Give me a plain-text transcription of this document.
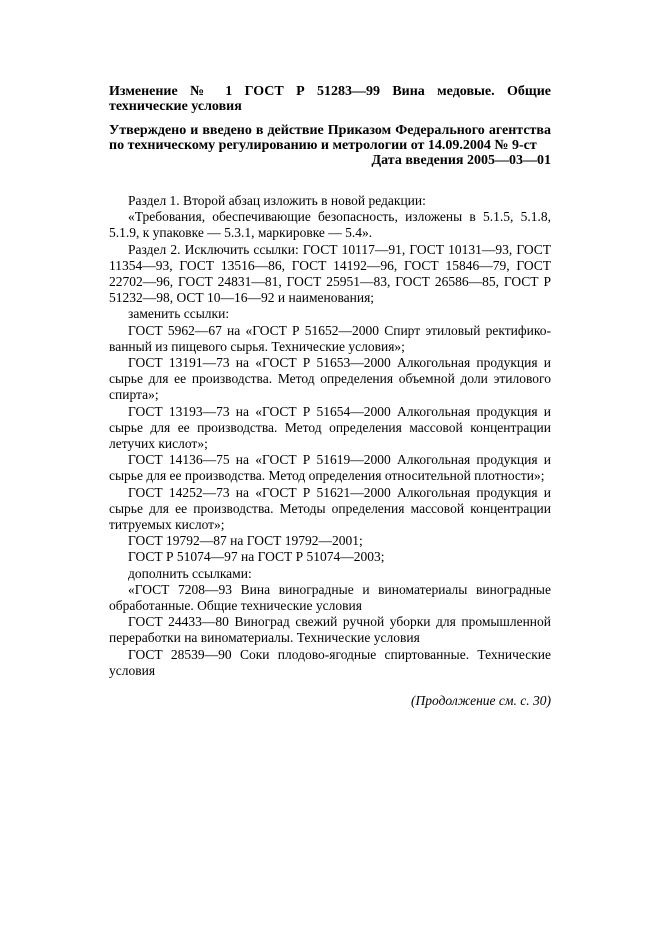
Изменение № 1 ГОСТ Р 51283—99 Вина медовые. Общие технические условия

Утверждено и введено в действие Приказом Федерального агентства по техническому регулированию и метрологии от 14.09.2004 № 9-ст

Дата введения 2005—03—01

Раздел 1. Второй абзац изложить в новой редакции:

«Требования, обеспечивающие безопасность, изложены в 5.1.5, 5.1.8, 5.1.9, к упаковке — 5.3.1, маркировке — 5.4».

Раздел 2. Исключить ссылки: ГОСТ 10117—91, ГОСТ 10131—93, ГОСТ 11354—93, ГОСТ 13516—86, ГОСТ 14192—96, ГОСТ 15846—79, ГОСТ 22702—96, ГОСТ 24831—81, ГОСТ 25951—83, ГОСТ 26586—85, ГОСТ Р 51232—98, ОСТ 10—16—92 и наименования;

заменить ссылки:

ГОСТ 5962—67 на «ГОСТ Р 51652—2000 Спирт этиловый ректификованный из пищевого сырья. Технические условия»;

ГОСТ 13191—73 на «ГОСТ Р 51653—2000 Алкогольная продукция и сырье для ее производства. Метод определения объемной доли этилового спирта»;

ГОСТ 13193—73 на «ГОСТ Р 51654—2000 Алкогольная продукция и сырье для ее производства. Метод определения массовой концентрации летучих кислот»;

ГОСТ 14136—75 на «ГОСТ Р 51619—2000 Алкогольная продукция и сырье для ее производства. Метод определения относительной плотности»;

ГОСТ 14252—73 на «ГОСТ Р 51621—2000 Алкогольная продукция и сырье для ее производства. Методы определения массовой концентрации титруемых кислот»;

ГОСТ 19792—87 на ГОСТ 19792—2001;

ГОСТ Р 51074—97 на ГОСТ Р 51074—2003;

дополнить ссылками:

«ГОСТ 7208—93 Вина виноградные и виноматериалы виноградные обработанные. Общие технические условия

ГОСТ 24433—80 Виноград свежий ручной уборки для промышленной переработки на виноматериалы. Технические условия

ГОСТ 28539—90 Соки плодово-ягодные спиртованные. Технические условия

(Продолжение см. с. 30)
